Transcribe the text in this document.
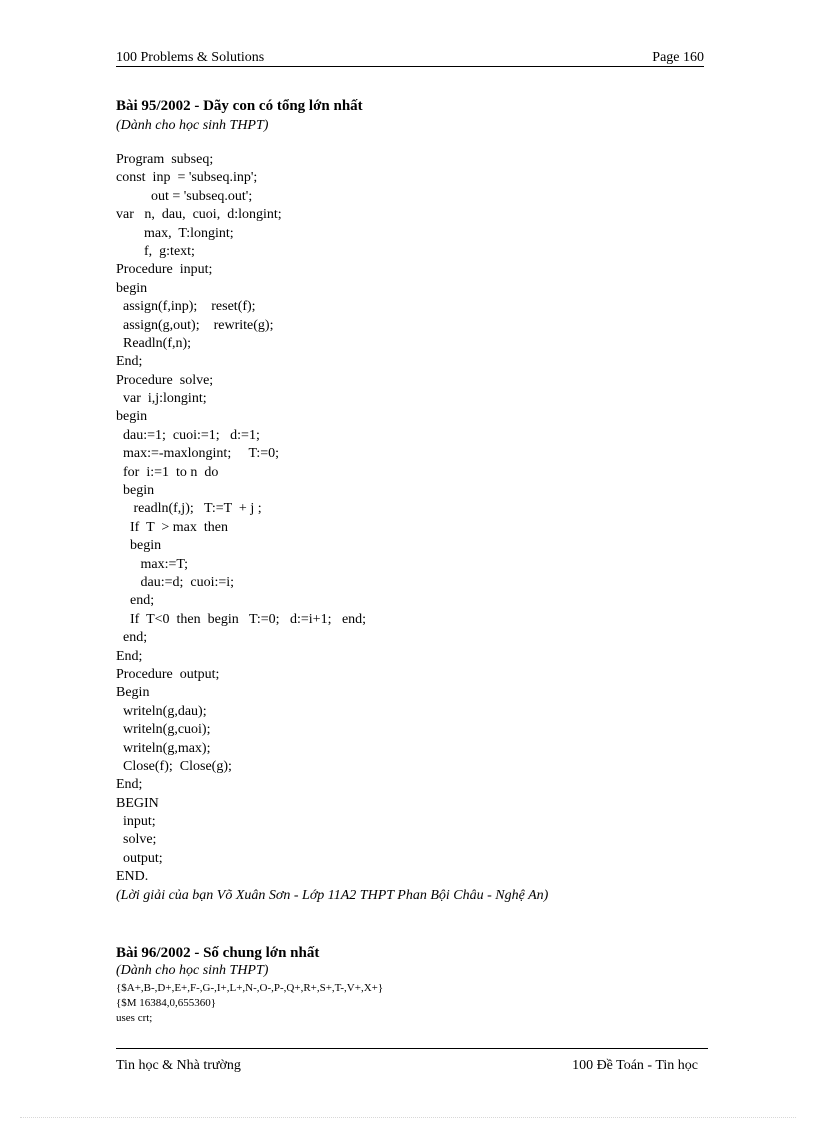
100 Problems & Solutions	Page 160
Bài 95/2002 - Dãy con có tổng lớn nhất
(Dành cho học sinh THPT)
Program  subseq;
const  inp  = 'subseq.inp';
out = 'subseq.out';
var   n,  dau,  cuoi,  d:longint;
max,  T:longint;
f,  g:text;
Procedure  input;
begin
assign(f,inp);    reset(f);
assign(g,out);    rewrite(g);
Readln(f,n);
End;
Procedure  solve;
var  i,j:longint;
begin
dau:=1;  cuoi:=1;   d:=1;
max:=-maxlongint;     T:=0;
for  i:=1  to n  do
begin
readln(f,j);   T:=T  + j ;
If  T  > max  then
begin
max:=T;
dau:=d;  cuoi:=i;
end;
If  T<0  then  begin   T:=0;   d:=i+1;   end;
end;
End;
Procedure  output;
Begin
writeln(g,dau);
writeln(g,cuoi);
writeln(g,max);
Close(f);  Close(g);
End;
BEGIN
input;
solve;
output;
END.
(Lời giải của bạn Võ Xuân Sơn - Lớp 11A2 THPT Phan Bội Châu - Nghệ An)
Bài 96/2002 - Số chung lớn nhất
(Dành cho học sinh THPT)
{$A+,B-,D+,E+,F-,G-,I+,L+,N-,O-,P-,Q+,R+,S+,T-,V+,X+}
{$M 16384,0,655360}
uses crt;
Tin học & Nhà trường	100 Đề Toán - Tin học
